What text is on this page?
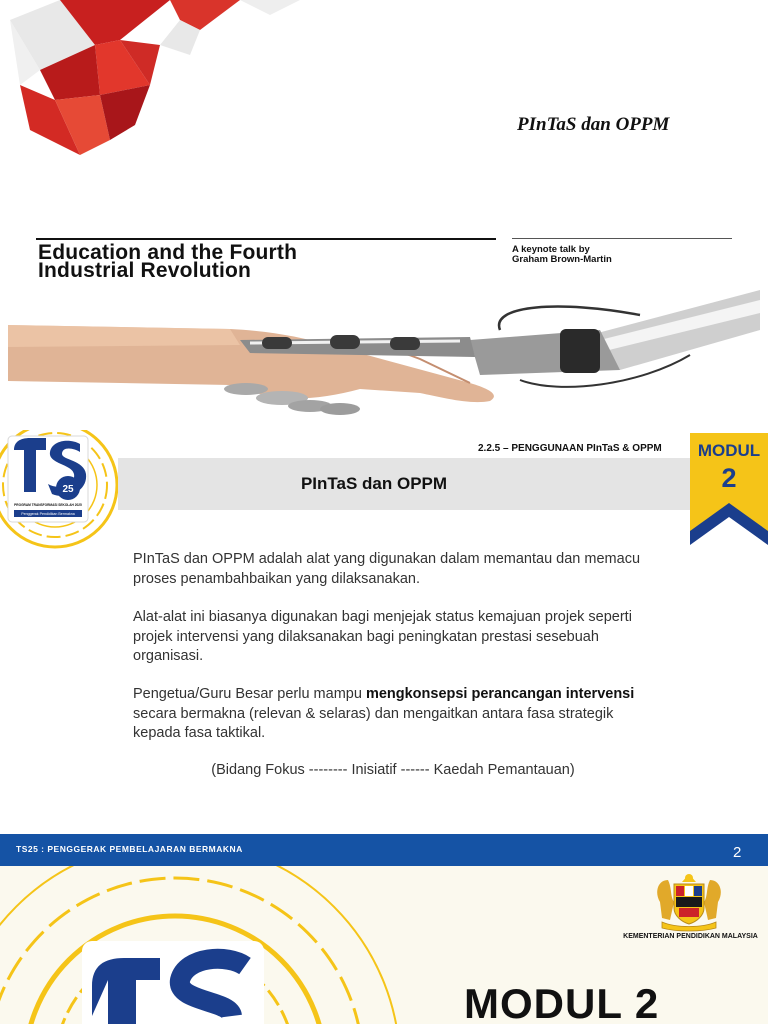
PInTaS dan OPPM
Education and the Fourth
Industrial Revolution
A keynote talk by
Graham Brown-Martin
25
PROGRAM TRANSFORMASI SEKOLAH 2025
Penggerak Pendidikan Bermakna
2.2.5 – PENGGUNAAN PInTaS & OPPM
PInTaS dan OPPM
MODUL
2

PInTaS dan OPPM adalah alat yang digunakan dalam memantau dan memacu proses penambahbaikan yang dilaksanakan.

Alat-alat ini biasanya digunakan bagi menjejak status kemajuan projek seperti projek intervensi yang dilaksanakan bagi peningkatan prestasi sesebuah organisasi.

Pengetua/Guru Besar perlu mampu mengkonsepsi perancangan intervensi secara bermakna (relevan & selaras) dan mengaitkan antara fasa strategik kepada fasa taktikal.

(Bidang Fokus -------- Inisiatif ------ Kaedah Pemantauan)

TS25 : PENGGERAK PEMBELAJARAN BERMAKNA	2
KEMENTERIAN PENDIDIKAN MALAYSIA
MODUL 2
